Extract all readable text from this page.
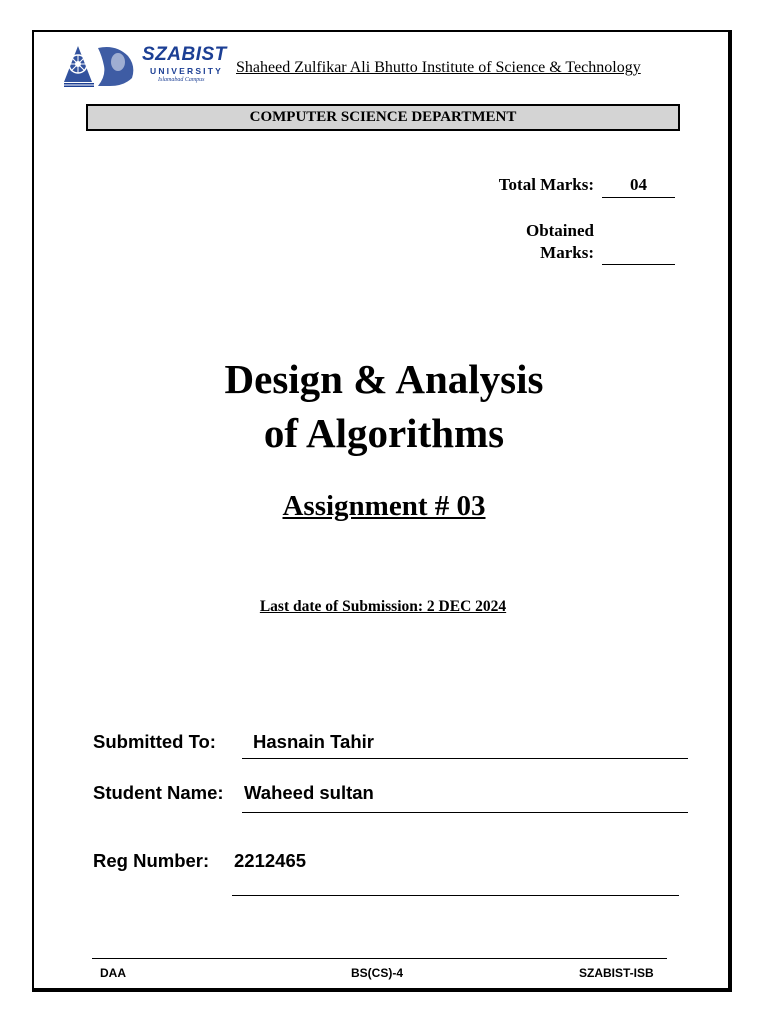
SZABIST
UNIVERSITY
Islamabad Campus
Shaheed Zulfikar Ali Bhutto Institute of Science & Technology
COMPUTER SCIENCE DEPARTMENT
Total Marks:	04
Obtained
Marks:
Design & Analysis
of Algorithms
Assignment # 03
Last date of Submission: 2 DEC 2024
Submitted To: Hasnain Tahir
Student Name: Waheed sultan
Reg Number: 2212465
DAA	BS(CS)-4	SZABIST-ISB
